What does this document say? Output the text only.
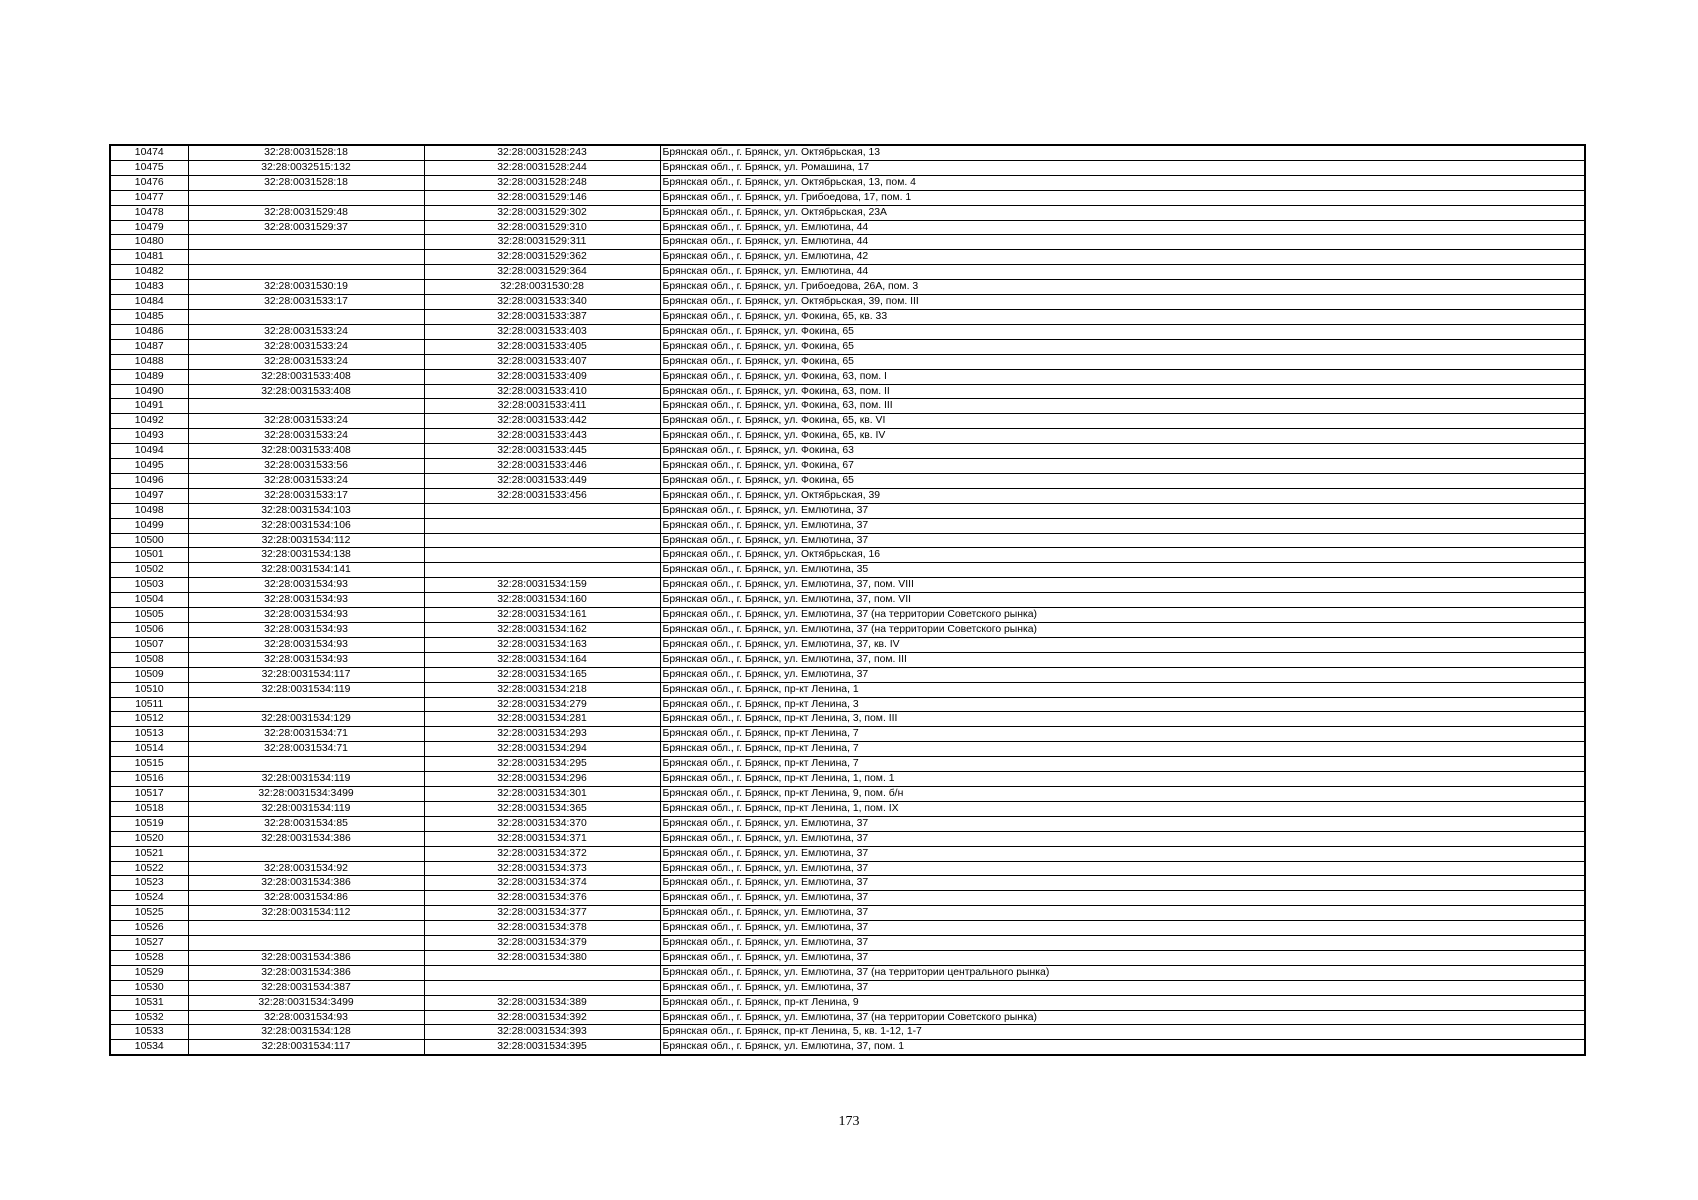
10474	32:28:0031528:18	32:28:0031528:243	Брянская обл., г. Брянск, ул. Октябрьская, 13
10475	32:28:0032515:132	32:28:0031528:244	Брянская обл., г. Брянск, ул. Ромашина, 17
10476	32:28:0031528:18	32:28:0031528:248	Брянская обл., г. Брянск, ул. Октябрьская, 13, пом. 4
10477		32:28:0031529:146	Брянская обл., г. Брянск, ул. Грибоедова, 17, пом. 1
10478	32:28:0031529:48	32:28:0031529:302	Брянская обл., г. Брянск, ул. Октябрьская, 23А
10479	32:28:0031529:37	32:28:0031529:310	Брянская обл., г. Брянск, ул. Емлютина, 44
10480		32:28:0031529:311	Брянская обл., г. Брянск, ул. Емлютина, 44
10481		32:28:0031529:362	Брянская обл., г. Брянск, ул. Емлютина, 42
10482		32:28:0031529:364	Брянская обл., г. Брянск, ул. Емлютина, 44
10483	32:28:0031530:19	32:28:0031530:28	Брянская обл., г. Брянск, ул. Грибоедова, 26А, пом. 3
10484	32:28:0031533:17	32:28:0031533:340	Брянская обл., г. Брянск, ул. Октябрьская, 39, пом. III
10485		32:28:0031533:387	Брянская обл., г. Брянск, ул. Фокина, 65, кв. 33
10486	32:28:0031533:24	32:28:0031533:403	Брянская обл., г. Брянск, ул. Фокина, 65
10487	32:28:0031533:24	32:28:0031533:405	Брянская обл., г. Брянск, ул. Фокина, 65
10488	32:28:0031533:24	32:28:0031533:407	Брянская обл., г. Брянск, ул. Фокина, 65
10489	32:28:0031533:408	32:28:0031533:409	Брянская обл., г. Брянск, ул. Фокина, 63, пом. I
10490	32:28:0031533:408	32:28:0031533:410	Брянская обл., г. Брянск, ул. Фокина, 63, пом. II
10491		32:28:0031533:411	Брянская обл., г. Брянск, ул. Фокина, 63, пом. III
10492	32:28:0031533:24	32:28:0031533:442	Брянская обл., г. Брянск, ул. Фокина, 65, кв. VI
10493	32:28:0031533:24	32:28:0031533:443	Брянская обл., г. Брянск, ул. Фокина, 65, кв. IV
10494	32:28:0031533:408	32:28:0031533:445	Брянская обл., г. Брянск, ул. Фокина, 63
10495	32:28:0031533:56	32:28:0031533:446	Брянская обл., г. Брянск, ул. Фокина, 67
10496	32:28:0031533:24	32:28:0031533:449	Брянская обл., г. Брянск, ул. Фокина, 65
10497	32:28:0031533:17	32:28:0031533:456	Брянская обл., г. Брянск, ул. Октябрьская, 39
10498	32:28:0031534:103		Брянская обл., г. Брянск, ул. Емлютина, 37
10499	32:28:0031534:106		Брянская обл., г. Брянск, ул. Емлютина, 37
10500	32:28:0031534:112		Брянская обл., г. Брянск, ул. Емлютина, 37
10501	32:28:0031534:138		Брянская обл., г. Брянск, ул. Октябрьская, 16
10502	32:28:0031534:141		Брянская обл., г. Брянск, ул. Емлютина, 35
10503	32:28:0031534:93	32:28:0031534:159	Брянская обл., г. Брянск, ул. Емлютина, 37, пом. VIII
10504	32:28:0031534:93	32:28:0031534:160	Брянская обл., г. Брянск, ул. Емлютина, 37, пом. VII
10505	32:28:0031534:93	32:28:0031534:161	Брянская обл., г. Брянск, ул. Емлютина, 37 (на территории Советского рынка)
10506	32:28:0031534:93	32:28:0031534:162	Брянская обл., г. Брянск, ул. Емлютина, 37 (на территории Советского рынка)
10507	32:28:0031534:93	32:28:0031534:163	Брянская обл., г. Брянск, ул. Емлютина, 37, кв. IV
10508	32:28:0031534:93	32:28:0031534:164	Брянская обл., г. Брянск, ул. Емлютина, 37, пом. III
10509	32:28:0031534:117	32:28:0031534:165	Брянская обл., г. Брянск, ул. Емлютина, 37
10510	32:28:0031534:119	32:28:0031534:218	Брянская обл., г. Брянск, пр-кт Ленина, 1
10511		32:28:0031534:279	Брянская обл., г. Брянск, пр-кт Ленина, 3
10512	32:28:0031534:129	32:28:0031534:281	Брянская обл., г. Брянск, пр-кт Ленина, 3, пом. III
10513	32:28:0031534:71	32:28:0031534:293	Брянская обл., г. Брянск, пр-кт Ленина, 7
10514	32:28:0031534:71	32:28:0031534:294	Брянская обл., г. Брянск, пр-кт Ленина, 7
10515		32:28:0031534:295	Брянская обл., г. Брянск, пр-кт Ленина, 7
10516	32:28:0031534:119	32:28:0031534:296	Брянская обл., г. Брянск, пр-кт Ленина, 1, пом. 1
10517	32:28:0031534:3499	32:28:0031534:301	Брянская обл., г. Брянск, пр-кт Ленина, 9, пом. б/н
10518	32:28:0031534:119	32:28:0031534:365	Брянская обл., г. Брянск, пр-кт Ленина, 1, пом. IX
10519	32:28:0031534:85	32:28:0031534:370	Брянская обл., г. Брянск, ул. Емлютина, 37
10520	32:28:0031534:386	32:28:0031534:371	Брянская обл., г. Брянск, ул. Емлютина, 37
10521		32:28:0031534:372	Брянская обл., г. Брянск, ул. Емлютина, 37
10522	32:28:0031534:92	32:28:0031534:373	Брянская обл., г. Брянск, ул. Емлютина, 37
10523	32:28:0031534:386	32:28:0031534:374	Брянская обл., г. Брянск, ул. Емлютина, 37
10524	32:28:0031534:86	32:28:0031534:376	Брянская обл., г. Брянск, ул. Емлютина, 37
10525	32:28:0031534:112	32:28:0031534:377	Брянская обл., г. Брянск, ул. Емлютина, 37
10526		32:28:0031534:378	Брянская обл., г. Брянск, ул. Емлютина, 37
10527		32:28:0031534:379	Брянская обл., г. Брянск, ул. Емлютина, 37
10528	32:28:0031534:386	32:28:0031534:380	Брянская обл., г. Брянск, ул. Емлютина, 37
10529	32:28:0031534:386		Брянская обл., г. Брянск, ул. Емлютина, 37 (на территории центрального рынка)
10530	32:28:0031534:387		Брянская обл., г. Брянск, ул. Емлютина, 37
10531	32:28:0031534:3499	32:28:0031534:389	Брянская обл., г. Брянск, пр-кт Ленина, 9
10532	32:28:0031534:93	32:28:0031534:392	Брянская обл., г. Брянск, ул. Емлютина, 37 (на территории Советского рынка)
10533	32:28:0031534:128	32:28:0031534:393	Брянская обл., г. Брянск, пр-кт Ленина, 5, кв. 1-12, 1-7
10534	32:28:0031534:117	32:28:0031534:395	Брянская обл., г. Брянск, ул. Емлютина, 37, пом. 1
173
